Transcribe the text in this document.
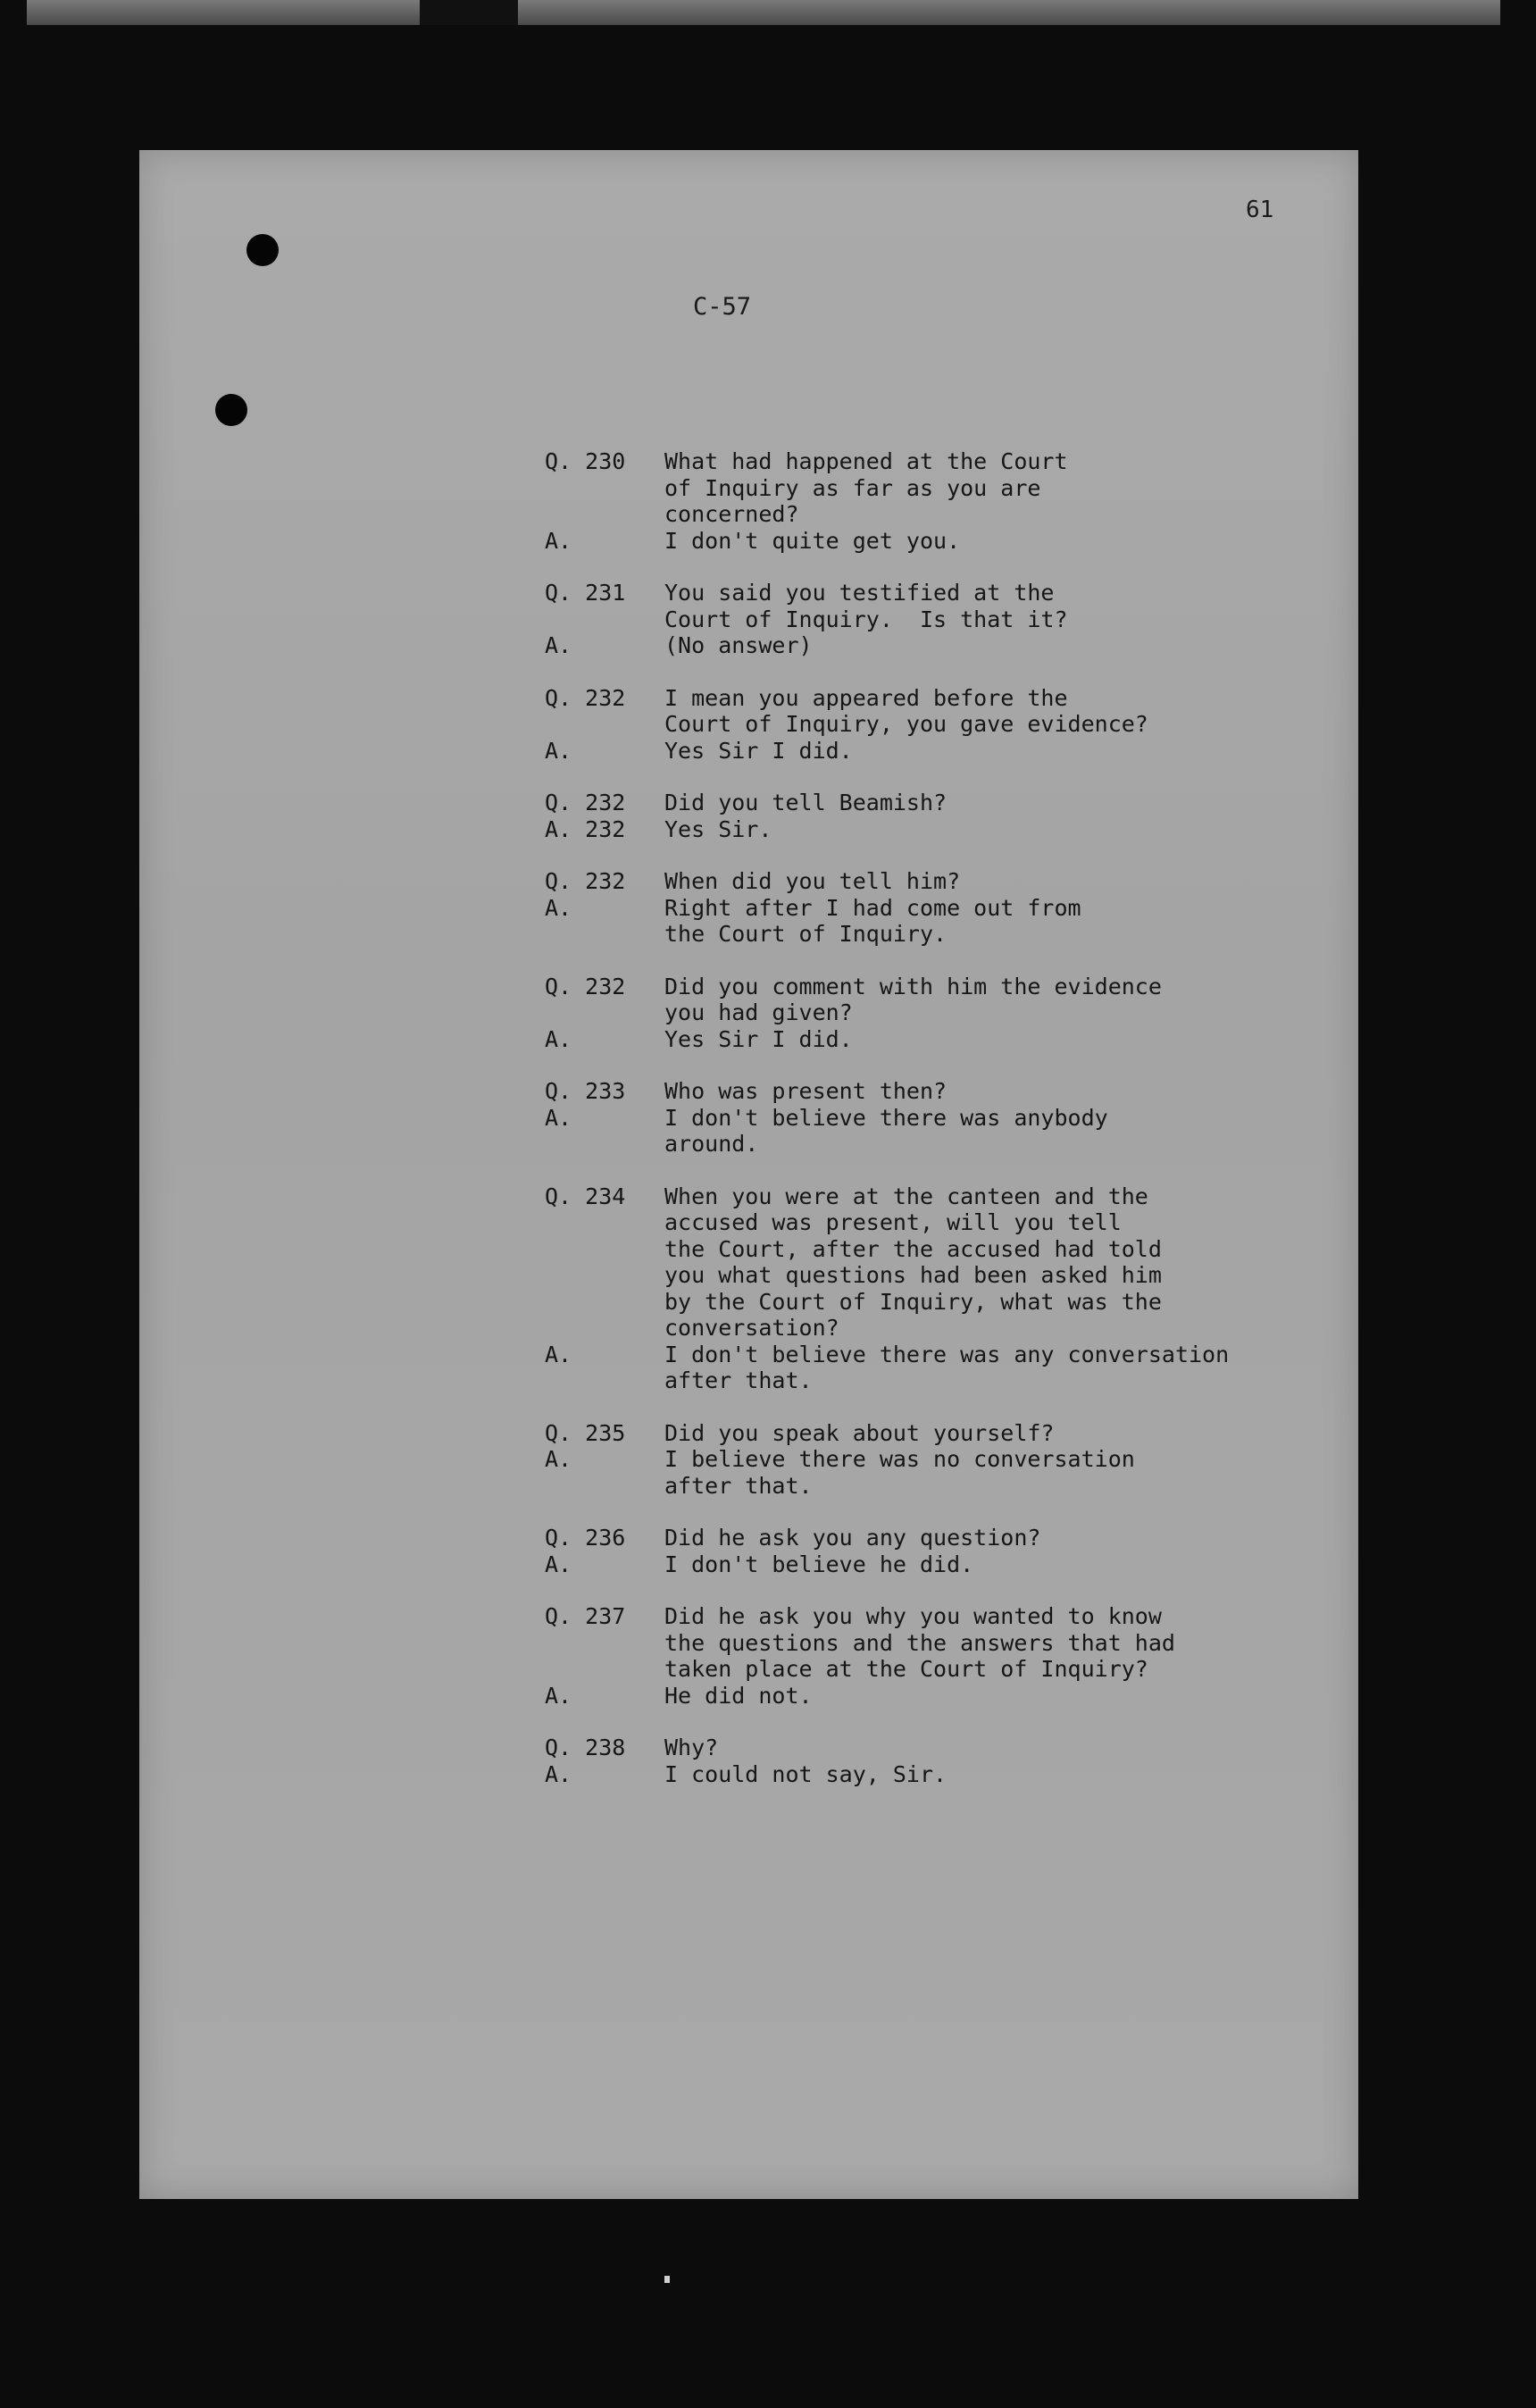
61
C-57
Q. 230	What had happened at the Court
of Inquiry as far as you are
concerned?
A.	I don't quite get you.
Q. 231	You said you testified at the
Court of Inquiry.  Is that it?
A.	(No answer)
Q. 232	I mean you appeared before the
Court of Inquiry, you gave evidence?
A.	Yes Sir I did.
Q. 232	Did you tell Beamish?
A. 232	Yes Sir.
Q. 232	When did you tell him?
A.	Right after I had come out from
the Court of Inquiry.
Q. 232	Did you comment with him the evidence
you had given?
A.	Yes Sir I did.
Q. 233	Who was present then?
A.	I don't believe there was anybody
around.
Q. 234	When you were at the canteen and the
accused was present, will you tell
the Court, after the accused had told
you what questions had been asked him
by the Court of Inquiry, what was the
conversation?
A.	I don't believe there was any conversation
after that.
Q. 235	Did you speak about yourself?
A.	I believe there was no conversation
after that.
Q. 236	Did he ask you any question?
A.	I don't believe he did.
Q. 237	Did he ask you why you wanted to know
the questions and the answers that had
taken place at the Court of Inquiry?
A.	He did not.
Q. 238	Why?
A.	I could not say, Sir.
